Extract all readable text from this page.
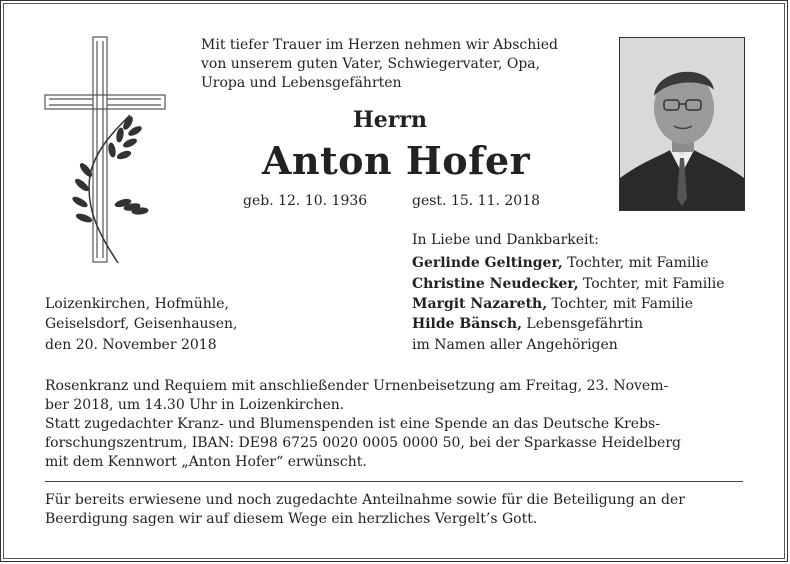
Mit tiefer Trauer im Herzen nehmen wir Abschied
von unserem guten Vater, Schwiegervater, Opa,
Uropa und Lebensgefährten
Herrn
Anton Hofer
geb. 12. 10. 1936	gest. 15. 11. 2018
In Liebe und Dankbarkeit:
Gerlinde Geltinger, Tochter, mit Familie
Christine Neudecker, Tochter, mit Familie
Margit Nazareth, Tochter, mit Familie
Hilde Bänsch, Lebensgefährtin
im Namen aller Angehörigen
Loizenkirchen, Hofmühle,
Geiselsdorf, Geisenhausen,
den 20. November 2018
Rosenkranz und Requiem mit anschließender Urnenbeisetzung am Freitag, 23. Novem-
ber 2018, um 14.30 Uhr in Loizenkirchen.
Statt zugedachter Kranz- und Blumenspenden ist eine Spende an das Deutsche Krebs-
forschungszentrum, IBAN: DE98 6725 0020 0005 0000 50, bei der Sparkasse Heidelberg
mit dem Kennwort „Anton Hofer“ erwünscht.
Für bereits erwiesene und noch zugedachte Anteilnahme sowie für die Beteiligung an der
Beerdigung sagen wir auf diesem Wege ein herzliches Vergelt’s Gott.
